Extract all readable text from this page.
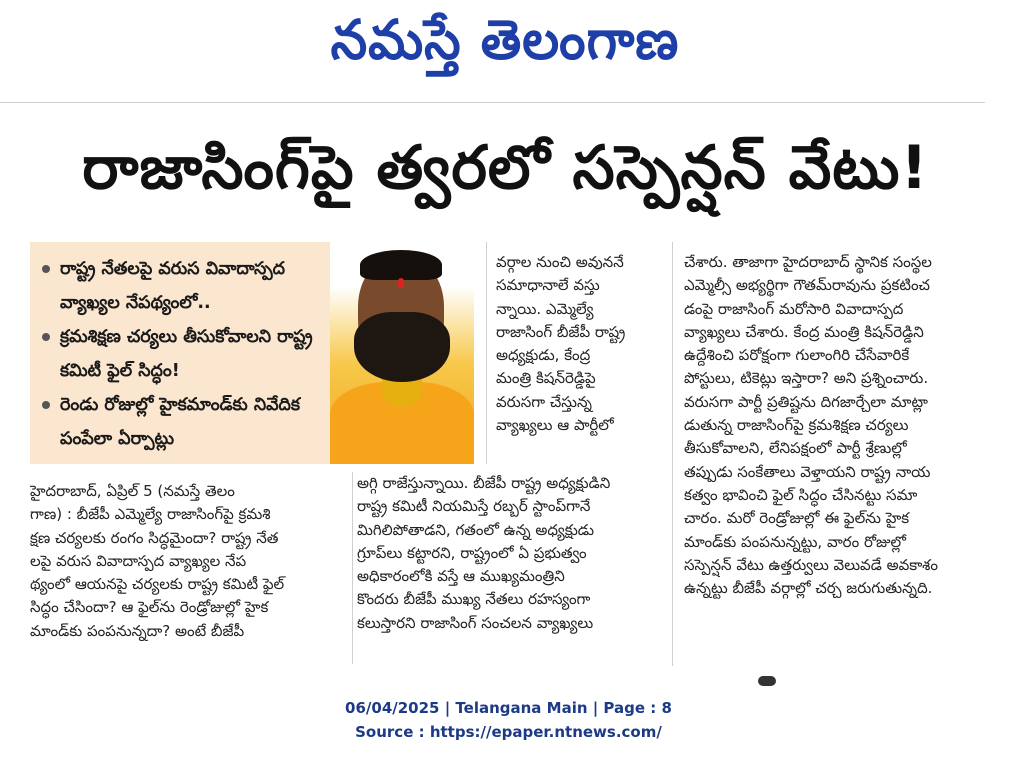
నమస్తే తెలంగాణ
రాజాసింగ్‌పై త్వరలో సస్పెన్షన్ వేటు!
రాష్ట్ర నేతలపై వరుస వివాదాస్పద వ్యాఖ్యల నేపథ్యంలో..
క్రమశిక్షణ చర్యలు తీసుకోవాలని రాష్ట్ర కమిటీ ఫైల్ సిద్ధం!
రెండు రోజుల్లో హైకమాండ్‌కు నివేదిక పంపేలా ఏర్పాట్లు
హైదరాబాద్, ఏప్రిల్ 5 (నమస్తే తెలం
గాణ) : బీజేపీ ఎమ్మెల్యే రాజాసింగ్‌పై క్రమశి
క్షణ చర్యలకు రంగం సిద్ధమైందా? రాష్ట్ర నేత
లపై వరుస వివాదాస్పద వ్యాఖ్యల నేప
థ్యంలో ఆయనపై చర్యలకు రాష్ట్ర కమిటీ ఫైల్
సిద్ధం చేసిందా? ఆ ఫైల్‌ను రెండ్రోజుల్లో హైక
మాండ్‌కు పంపనున్నదా? అంటే బీజేపీ
వర్గాల నుంచి అవుననే
సమాధానాలే వస్తు
న్నాయి. ఎమ్మెల్యే
రాజాసింగ్ బీజేపీ రాష్ట్ర
అధ్యక్షుడు, కేంద్ర
మంత్రి కిషన్‌రెడ్డిపై
వరుసగా చేస్తున్న
వ్యాఖ్యలు ఆ పార్టీలో
అగ్గి రాజేస్తున్నాయి. బీజేపీ రాష్ట్ర అధ్యక్షుడిని
రాష్ట్ర కమిటీ నియమిస్తే రబ్బర్ స్టాంప్‌గానే
మిగిలిపోతాడని, గతంలో ఉన్న అధ్యక్షుడు
గ్రూప్‌లు కట్టారని, రాష్ట్రంలో ఏ ప్రభుత్వం
అధికారంలోకి వస్తే ఆ ముఖ్యమంత్రిని
కొందరు బీజేపీ ముఖ్య నేతలు రహస్యంగా
కలుస్తారని రాజాసింగ్ సంచలన వ్యాఖ్యలు
చేశారు. తాజాగా హైదరాబాద్ స్థానిక సంస్థల
ఎమ్మెల్సీ అభ్యర్థిగా గౌతమ్‌రావును ప్రకటించ
డంపై రాజాసింగ్ మరోసారి వివాదాస్పద
వ్యాఖ్యలు చేశారు. కేంద్ర మంత్రి కిషన్‌రెడ్డిని
ఉద్దేశించి పరోక్షంగా గులాంగిరి చేసేవారికే
పోస్టులు, టికెట్లు ఇస్తారా? అని ప్రశ్నించారు.
వరుసగా పార్టీ ప్రతిష్టను దిగజార్చేలా మాట్లా
డుతున్న రాజాసింగ్‌పై క్రమశిక్షణ చర్యలు
తీసుకోవాలని, లేనిపక్షంలో పార్టీ శ్రేణుల్లో
తప్పుడు సంకేతాలు వెళ్తాయని రాష్ట్ర నాయ
కత్వం భావించి ఫైల్ సిద్ధం చేసినట్టు సమా
చారం. మరో రెండ్రోజుల్లో ఈ ఫైల్‌ను హైక
మాండ్‌కు పంపనున్నట్టు, వారం రోజుల్లో
సస్పెన్షన్ వేటు ఉత్తర్వులు వెలువడే అవకాశం
ఉన్నట్టు బీజేపీ వర్గాల్లో చర్చ జరుగుతున్నది.
06/04/2025 | Telangana Main | Page : 8
Source : https://epaper.ntnews.com/
